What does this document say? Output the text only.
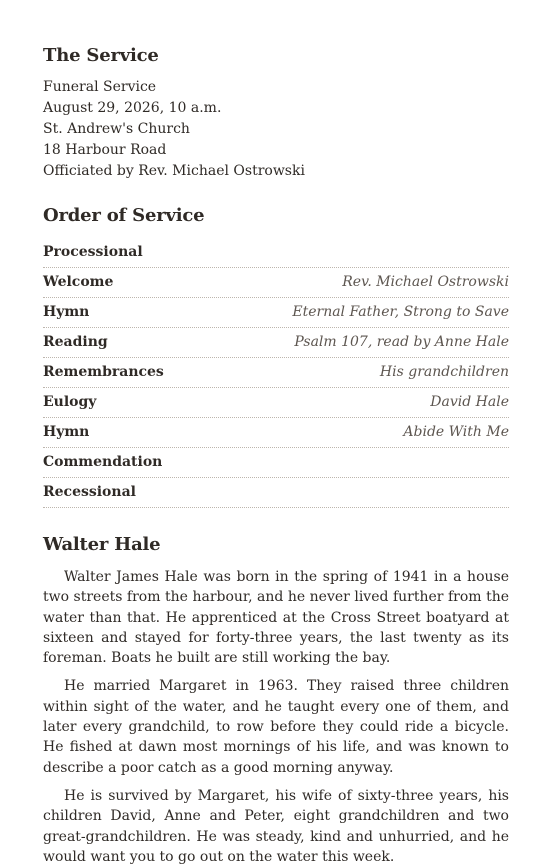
The Service
Funeral Service
August 29, 2026, 10 a.m.
St. Andrew's Church
18 Harbour Road
Officiated by Rev. Michael Ostrowski
Order of Service
Processional
Welcome	Rev. Michael Ostrowski
Hymn	Eternal Father, Strong to Save
Reading	Psalm 107, read by Anne Hale
Remembrances	His grandchildren
Eulogy	David Hale
Hymn	Abide With Me
Commendation
Recessional
Walter Hale

Walter James Hale was born in the spring of 1941 in a house two streets from the harbour, and he never lived further from the water than that. He apprenticed at the Cross Street boatyard at sixteen and stayed for forty-three years, the last twenty as its foreman. Boats he built are still working the bay.

He married Margaret in 1963. They raised three children within sight of the water, and he taught every one of them, and later every grandchild, to row before they could ride a bicycle. He fished at dawn most mornings of his life, and was known to describe a poor catch as a good morning anyway.

He is survived by Margaret, his wife of sixty-three years, his children David, Anne and Peter, eight grandchildren and two great-grandchildren. He was steady, kind and unhurried, and he would want you to go out on the water this week.
